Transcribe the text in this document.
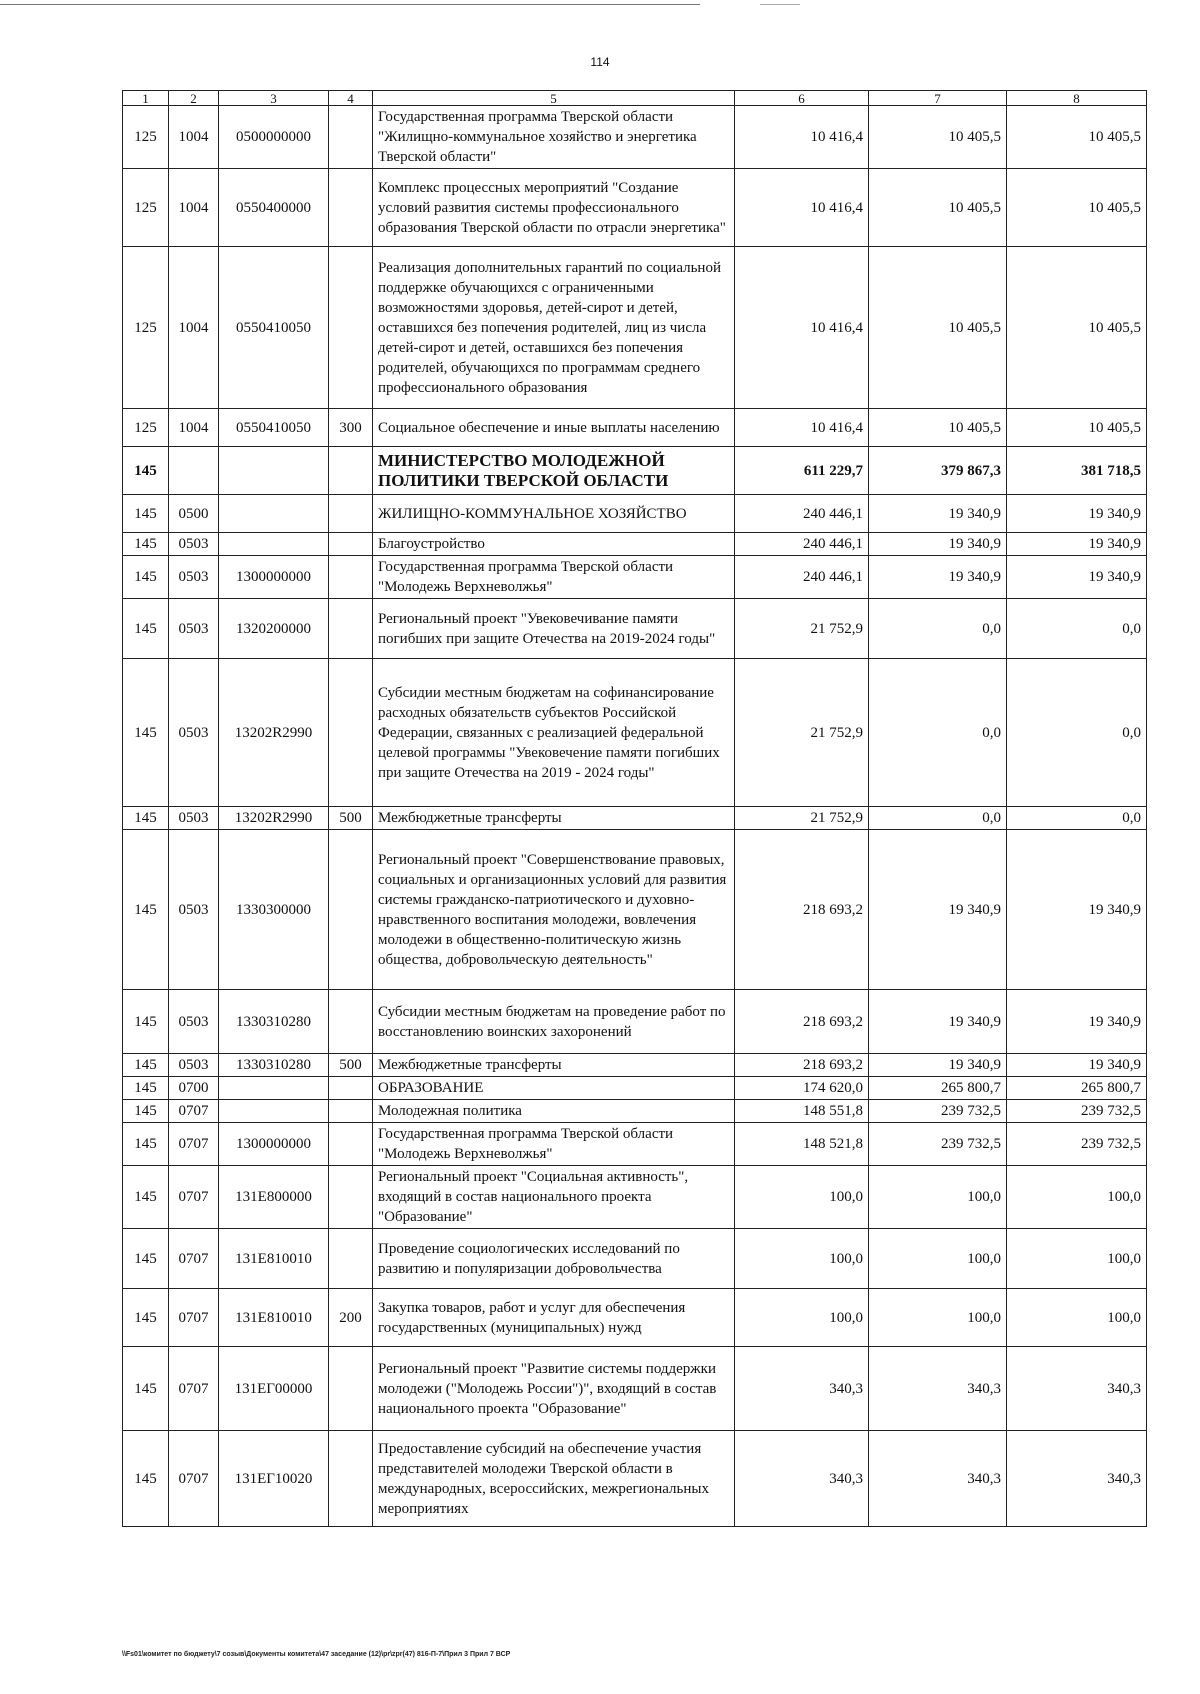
114
1	2	3	4	5	6	7	8
125	1004	0500000000		Государственная программа Тверской области "Жилищно-коммунальное хозяйство и энергетика Тверской области"	10 416,4	10 405,5	10 405,5
125	1004	0550400000		Комплекс процессных мероприятий "Создание условий развития системы профессионального образования Тверской области по отрасли энергетика"	10 416,4	10 405,5	10 405,5
125	1004	0550410050		Реализация дополнительных гарантий по социальной поддержке обучающихся с ограниченными возможностями здоровья, детей-сирот и детей, оставшихся без попечения родителей, лиц из числа детей-сирот и детей, оставшихся без попечения родителей, обучающихся по программам среднего профессионального образования	10 416,4	10 405,5	10 405,5
125	1004	0550410050	300	Социальное обеспечение и иные выплаты населению	10 416,4	10 405,5	10 405,5
145				МИНИСТЕРСТВО МОЛОДЕЖНОЙ ПОЛИТИКИ ТВЕРСКОЙ ОБЛАСТИ	611 229,7	379 867,3	381 718,5
145	0500			ЖИЛИЩНО-КОММУНАЛЬНОЕ ХОЗЯЙСТВО	240 446,1	19 340,9	19 340,9
145	0503			Благоустройство	240 446,1	19 340,9	19 340,9
145	0503	1300000000		Государственная программа Тверской области "Молодежь Верхневолжья"	240 446,1	19 340,9	19 340,9
145	0503	1320200000		Региональный проект "Увековечивание памяти погибших при защите Отечества на 2019-2024 годы"	21 752,9	0,0	0,0
145	0503	13202R2990		Субсидии местным бюджетам на софинансирование расходных обязательств субъектов Российской Федерации, связанных с реализацией федеральной целевой программы "Увековечение памяти погибших при защите Отечества на 2019 - 2024 годы"	21 752,9	0,0	0,0
145	0503	13202R2990	500	Межбюджетные трансферты	21 752,9	0,0	0,0
145	0503	1330300000		Региональный проект "Совершенствование правовых, социальных и организационных условий для развития системы гражданско-патриотического и духовно-нравственного воспитания молодежи, вовлечения молодежи в общественно-политическую жизнь общества, добровольческую деятельность"	218 693,2	19 340,9	19 340,9
145	0503	1330310280		Субсидии местным бюджетам на проведение работ по восстановлению воинских захоронений	218 693,2	19 340,9	19 340,9
145	0503	1330310280	500	Межбюджетные трансферты	218 693,2	19 340,9	19 340,9
145	0700			ОБРАЗОВАНИЕ	174 620,0	265 800,7	265 800,7
145	0707			Молодежная политика	148 551,8	239 732,5	239 732,5
145	0707	1300000000		Государственная программа Тверской области "Молодежь Верхневолжья"	148 521,8	239 732,5	239 732,5
145	0707	131E800000		Региональный проект "Социальная активность", входящий в состав национального проекта "Образование"	100,0	100,0	100,0
145	0707	131E810010		Проведение социологических исследований по развитию и популяризации добровольчества	100,0	100,0	100,0
145	0707	131E810010	200	Закупка товаров, работ и услуг для обеспечения государственных (муниципальных) нужд	100,0	100,0	100,0
145	0707	131ЕГ00000		Региональный проект "Развитие системы поддержки молодежи ("Молодежь России")", входящий в состав национального проекта "Образование"	340,3	340,3	340,3
145	0707	131ЕГ10020		Предоставление субсидий на обеспечение участия представителей молодежи Тверской области в международных, всероссийских, межрегиональных мероприятиях	340,3	340,3	340,3
\\Fs01\комитет по бюджету\7 созыв\Документы комитета\47 заседание (12)\pr\zpr(47) 816-П-7\Прил 3 Прил 7 ВСР
